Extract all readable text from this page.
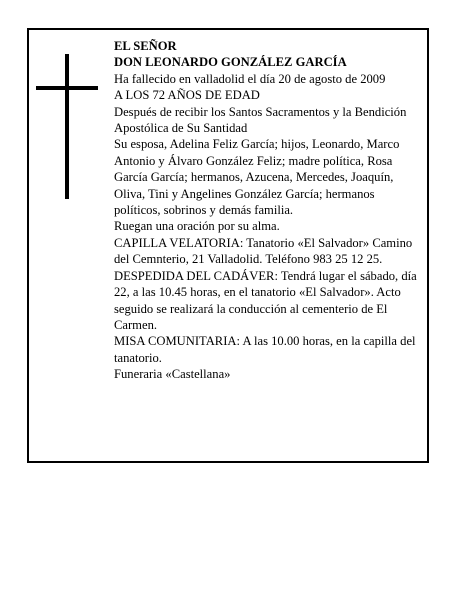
EL SEÑOR

DON LEONARDO GONZÁLEZ GARCÍA

Ha fallecido en valladolid el día 20 de agosto de 2009

A LOS 72 AÑOS DE EDAD

Después de recibir los Santos Sacramentos y la Bendición Apostólica de Su Santidad

Su esposa, Adelina Feliz García; hijos, Leonardo, Marco Antonio y Álvaro González Feliz; madre política, Rosa García García; hermanos, Azucena, Mercedes, Joaquín, Oliva, Tini y Angelines González García; hermanos políticos, sobrinos y demás familia.

Ruegan una oración por su alma.

CAPILLA VELATORIA: Tanatorio «El Salvador» Camino del Cemnterio, 21 Valladolid. Teléfono 983 25 12 25.

DESPEDIDA DEL CADÁVER: Tendrá lugar el sábado, día 22, a las 10.45 horas, en el tanatorio «El Salvador». Acto seguido se realizará la conducción al cementerio de El Carmen.

MISA COMUNITARIA: A las 10.00 horas, en la capilla del tanatorio.

Funeraria «Castellana»
